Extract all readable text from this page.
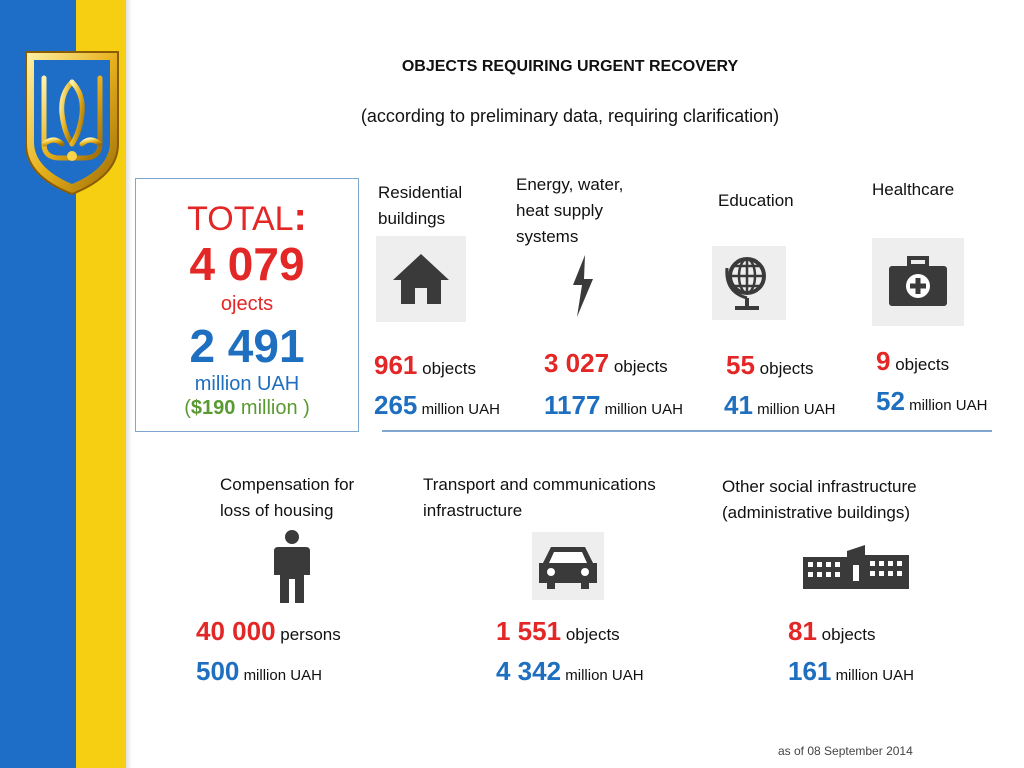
OBJECTS REQUIRING URGENT RECOVERY
(according to preliminary data, requiring clarification)
TOTAL:
4 079
ojects
2 491
million UAH
($190 million )
Residential
buildings
961 objects
265 million UAH
Energy, water,
heat supply
systems
3 027 objects
1177 million UAH
Education
55 objects
41 million UAH
Healthcare
9 objects
52 million UAH
Compensation for
loss of housing
40 000 persons
500 million UAH
Transport and communications
infrastructure
1 551 objects
4 342 million UAH
Other social infrastructure
(administrative buildings)
81 objects
161 million UAH
as of 08 September 2014
